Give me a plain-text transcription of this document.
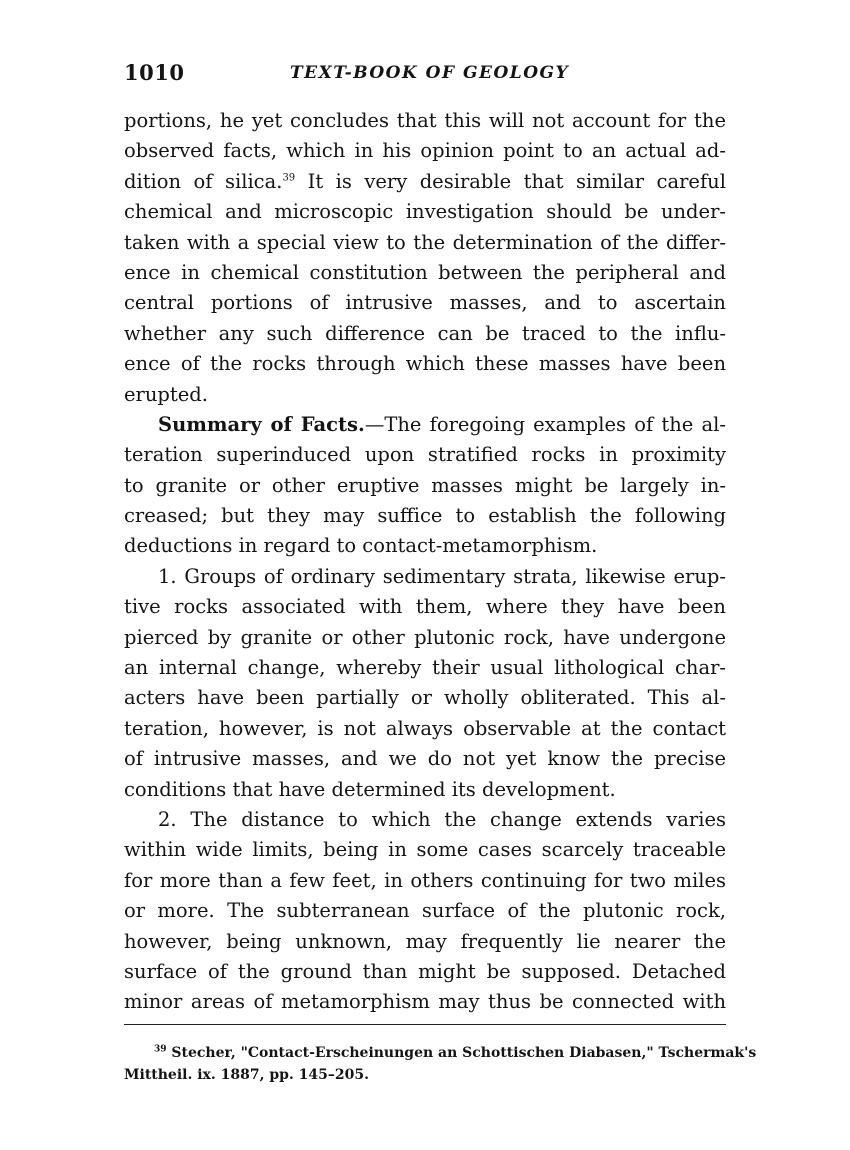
1010	TEXT-BOOK OF GEOLOGY
portions, he yet concludes that this will not account for the
observed facts, which in his opinion point to an actual ad-
dition of silica.$^{39}$ It is very desirable that similar careful
chemical and microscopic investigation should be under-
taken with a special view to the determination of the differ-
ence in chemical constitution between the peripheral and
central portions of intrusive masses, and to ascertain
whether any such difference can be traced to the influ-
ence of the rocks through which these masses have been
erupted.
Summary of Facts.—The foregoing examples of the al-
teration superinduced upon stratified rocks in proximity
to granite or other eruptive masses might be largely in-
creased; but they may suffice to establish the following
deductions in regard to contact-metamorphism.
1. Groups of ordinary sedimentary strata, likewise erup-
tive rocks associated with them, where they have been
pierced by granite or other plutonic rock, have undergone
an internal change, whereby their usual lithological char-
acters have been partially or wholly obliterated. This al-
teration, however, is not always observable at the contact
of intrusive masses, and we do not yet know the precise
conditions that have determined its development.
2. The distance to which the change extends varies
within wide limits, being in some cases scarcely traceable
for more than a few feet, in others continuing for two miles
or more. The subterranean surface of the plutonic rock,
however, being unknown, may frequently lie nearer the
surface of the ground than might be supposed. Detached
minor areas of metamorphism may thus be connected with
$^{39}$ Stecher, "Contact-Erscheinungen an Schottischen Diabasen," Tschermak's
Mittheil. ix. 1887, pp. 145–205.
